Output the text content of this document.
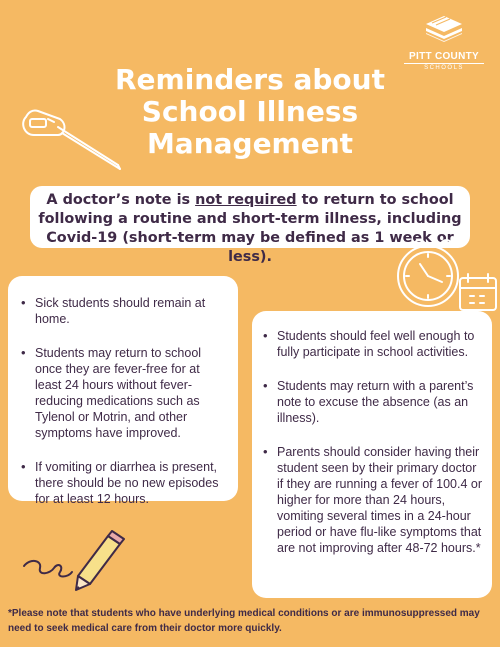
PITT COUNTY
SCHOOLS
Reminders about
School Illness
Management
A doctor’s note is not required to return to school following a routine and short-term illness, including Covid-19 (short-term may be defined as 1 week or less).
• Sick students should remain at home.
• Students may return to school once they are fever-free for at least 24 hours without fever-reducing medications such as Tylenol or Motrin, and other symptoms have improved.
• If vomiting or diarrhea is present, there should be no new episodes for at least 12 hours.
• Students should feel well enough to fully participate in school activities.
• Students may return with a parent’s note to excuse the absence (as an illness).
• Parents should consider having their student seen by their primary doctor if they are running a fever of 100.4 or higher for more than 24 hours, vomiting several times in a 24-hour period or have flu-like symptoms that are not improving after 48-72 hours.*
*Please note that students who have underlying medical conditions or are immunosuppressed may need to seek medical care from their doctor more quickly.
